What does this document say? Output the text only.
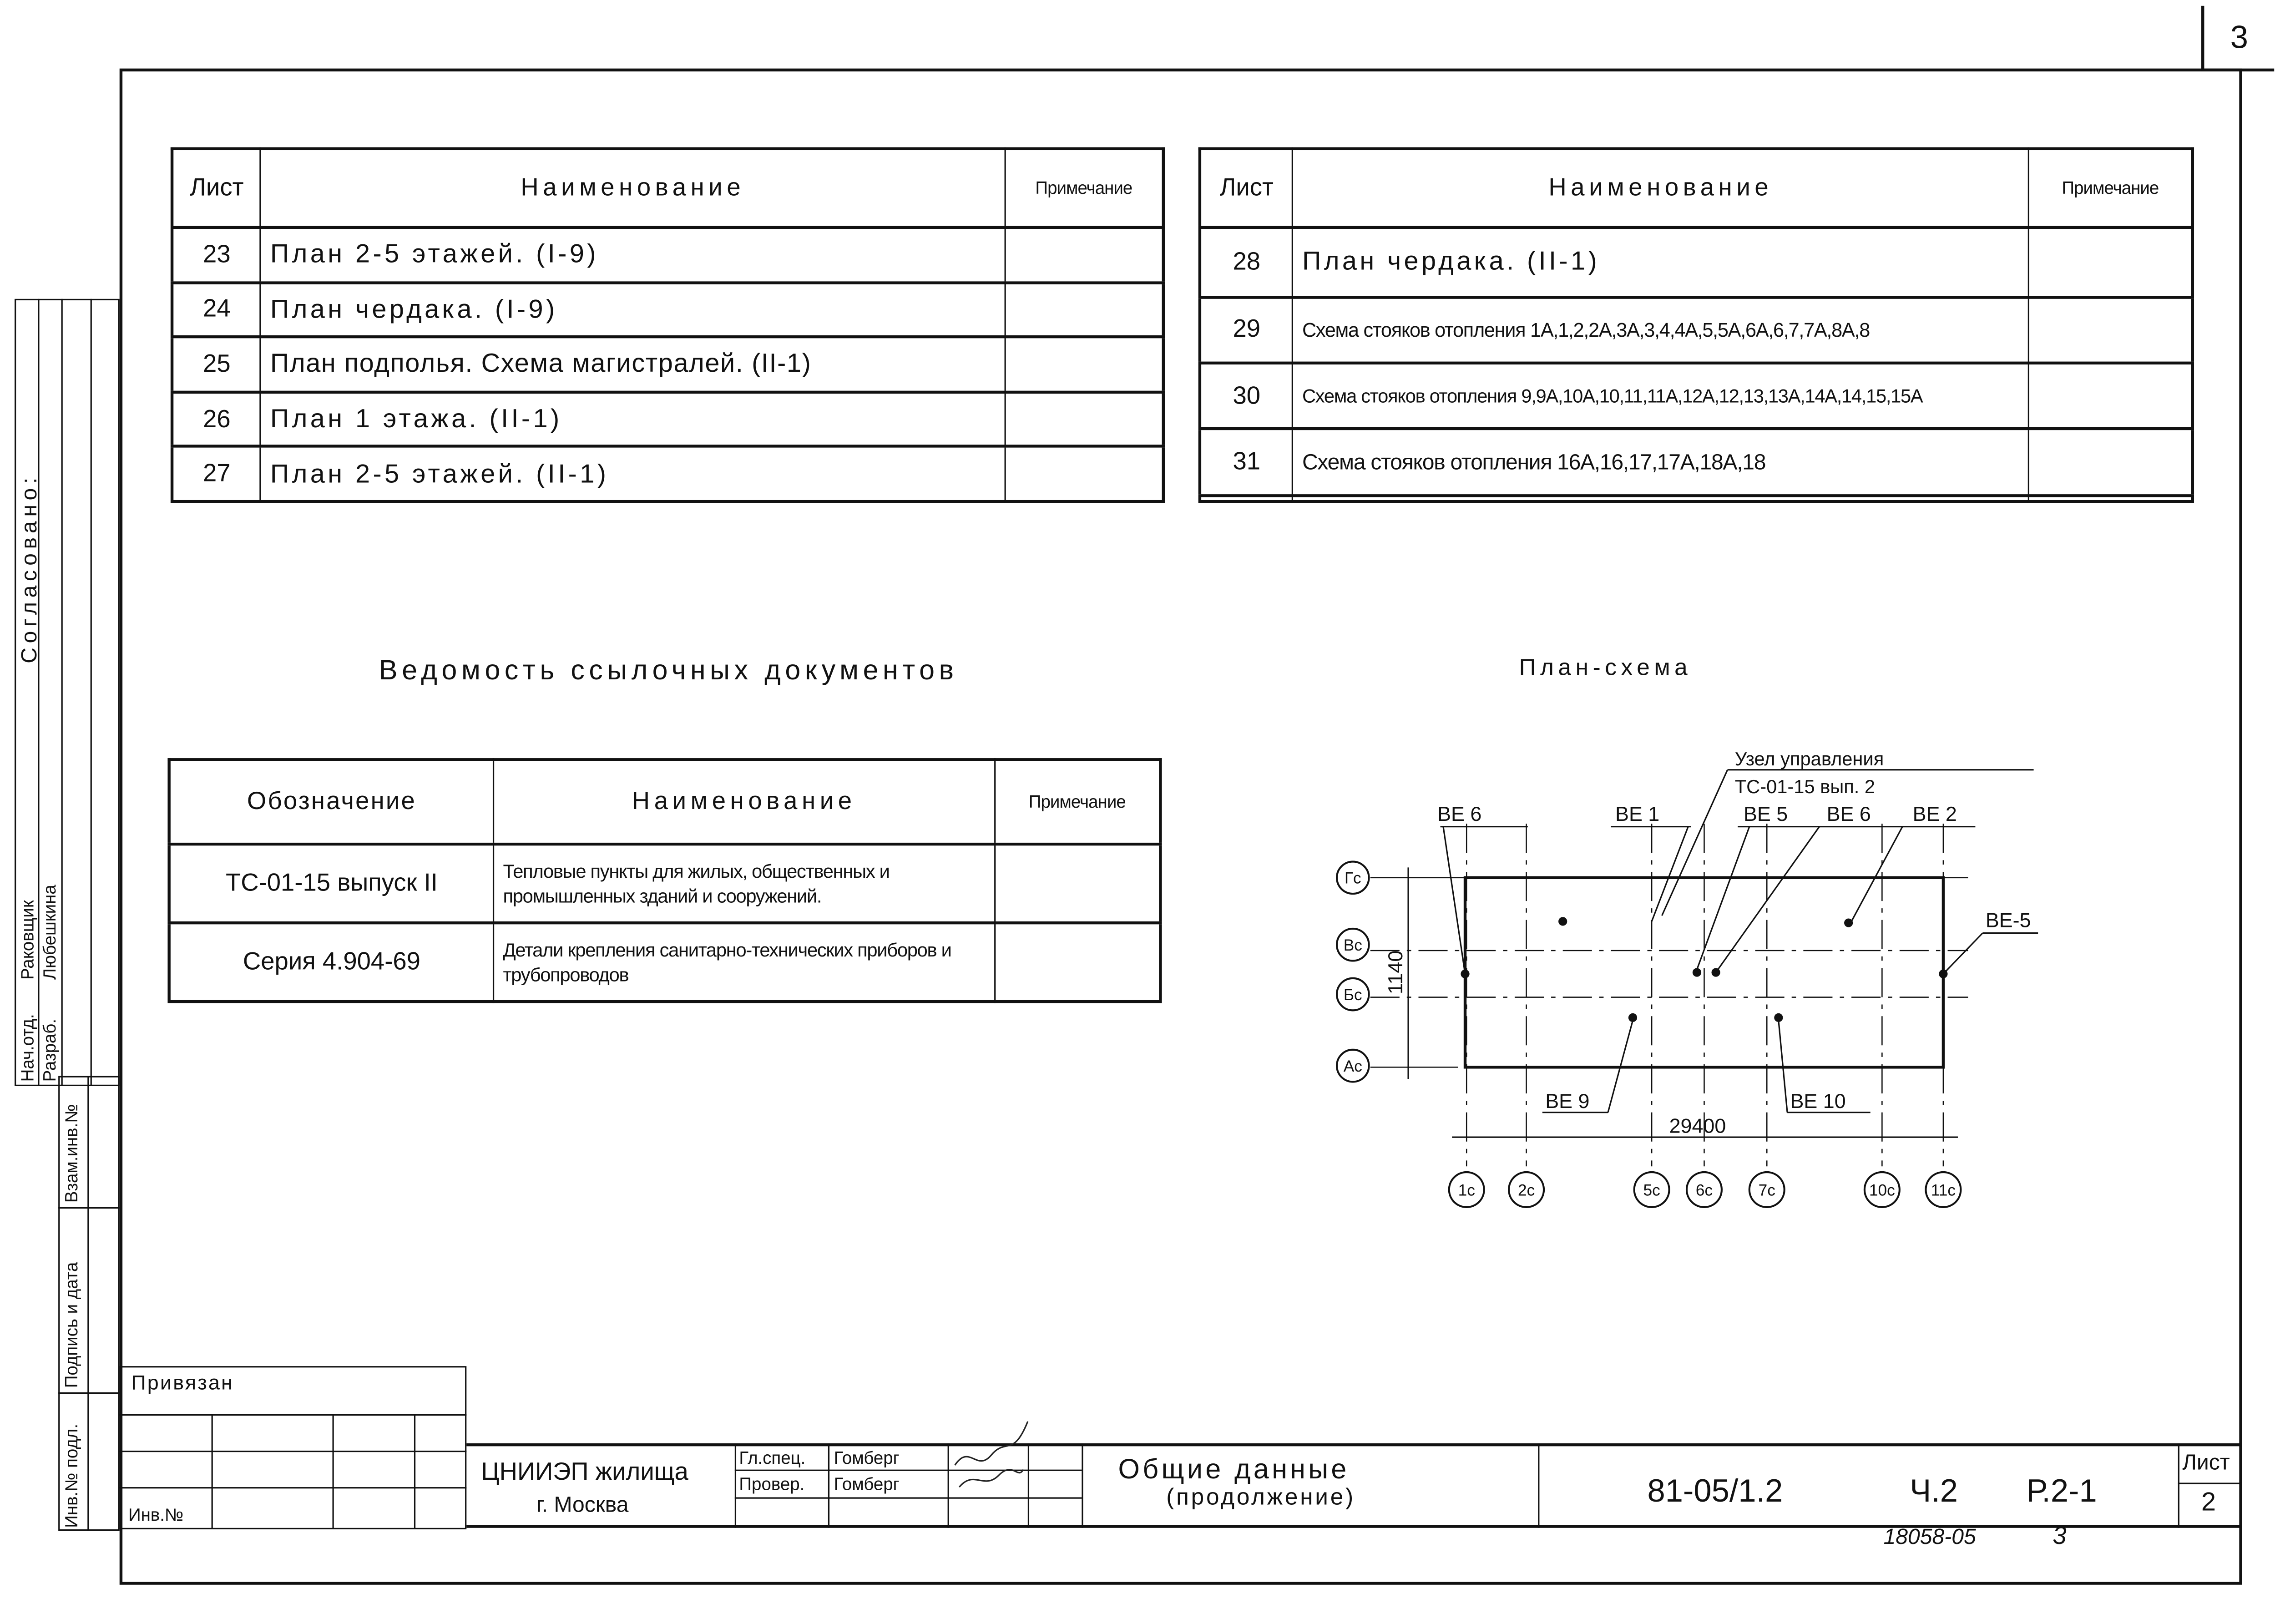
3
Лист	Наименование	Примечание
23	План 2-5 этажей. (I-9)	
24	План чердака. (I-9)	
25	План подполья. Схема магистралей. (II-1)	
26	План 1 этажа. (II-1)	
27	План 2-5 этажей. (II-1)	
Лист	Наименование	Примечание
28	План чердака. (II-1)	
29	Схема стояков отопления 1А,1,2,2А,3А,3,4,4А,5,5А,6А,6,7,7А,8А,8	
30	Схема стояков отопления 9,9А,10А,10,11,11А,12А,12,13,13А,14А,14,15,15А	
31	Схема стояков отопления 16А,16,17,17А,18А,18	

Ведомость ссылочных документов
Обозначение	Наименование	Примечание
ТС-01-15 выпуск II	Тепловые пункты для жилых, общественных и промышленных зданий и сооружений.	
Серия 4.904-69	Детали крепления санитарно-технических приборов и трубопроводов	
План-схема
ВЕ 6	ВЕ 1
Узел управления
ТС-01-15 вып. 2
ВЕ 5	ВЕ 6	ВЕ 2
ВЕ-5
ВЕ 9	ВЕ 10
29400
1140
Гс
Вс
Бс
Ас
1с	2с	5с	6с	7с	10с	11с
Согласовано:
Нач.отд. Разраб.
Раковщик Любешкина
Инв.№ подл.
Подпись и дата
Взам.инв.№
Привязан
Инв.№
ЦНИИЭП жилища
г. Москва
Гл.спец.
Провер.
Гомберг
Гомберг	Общие данные
(продолжение)	81-05/1.2	Ч.2	Р.2-1
Лист
2
18058-05	3
